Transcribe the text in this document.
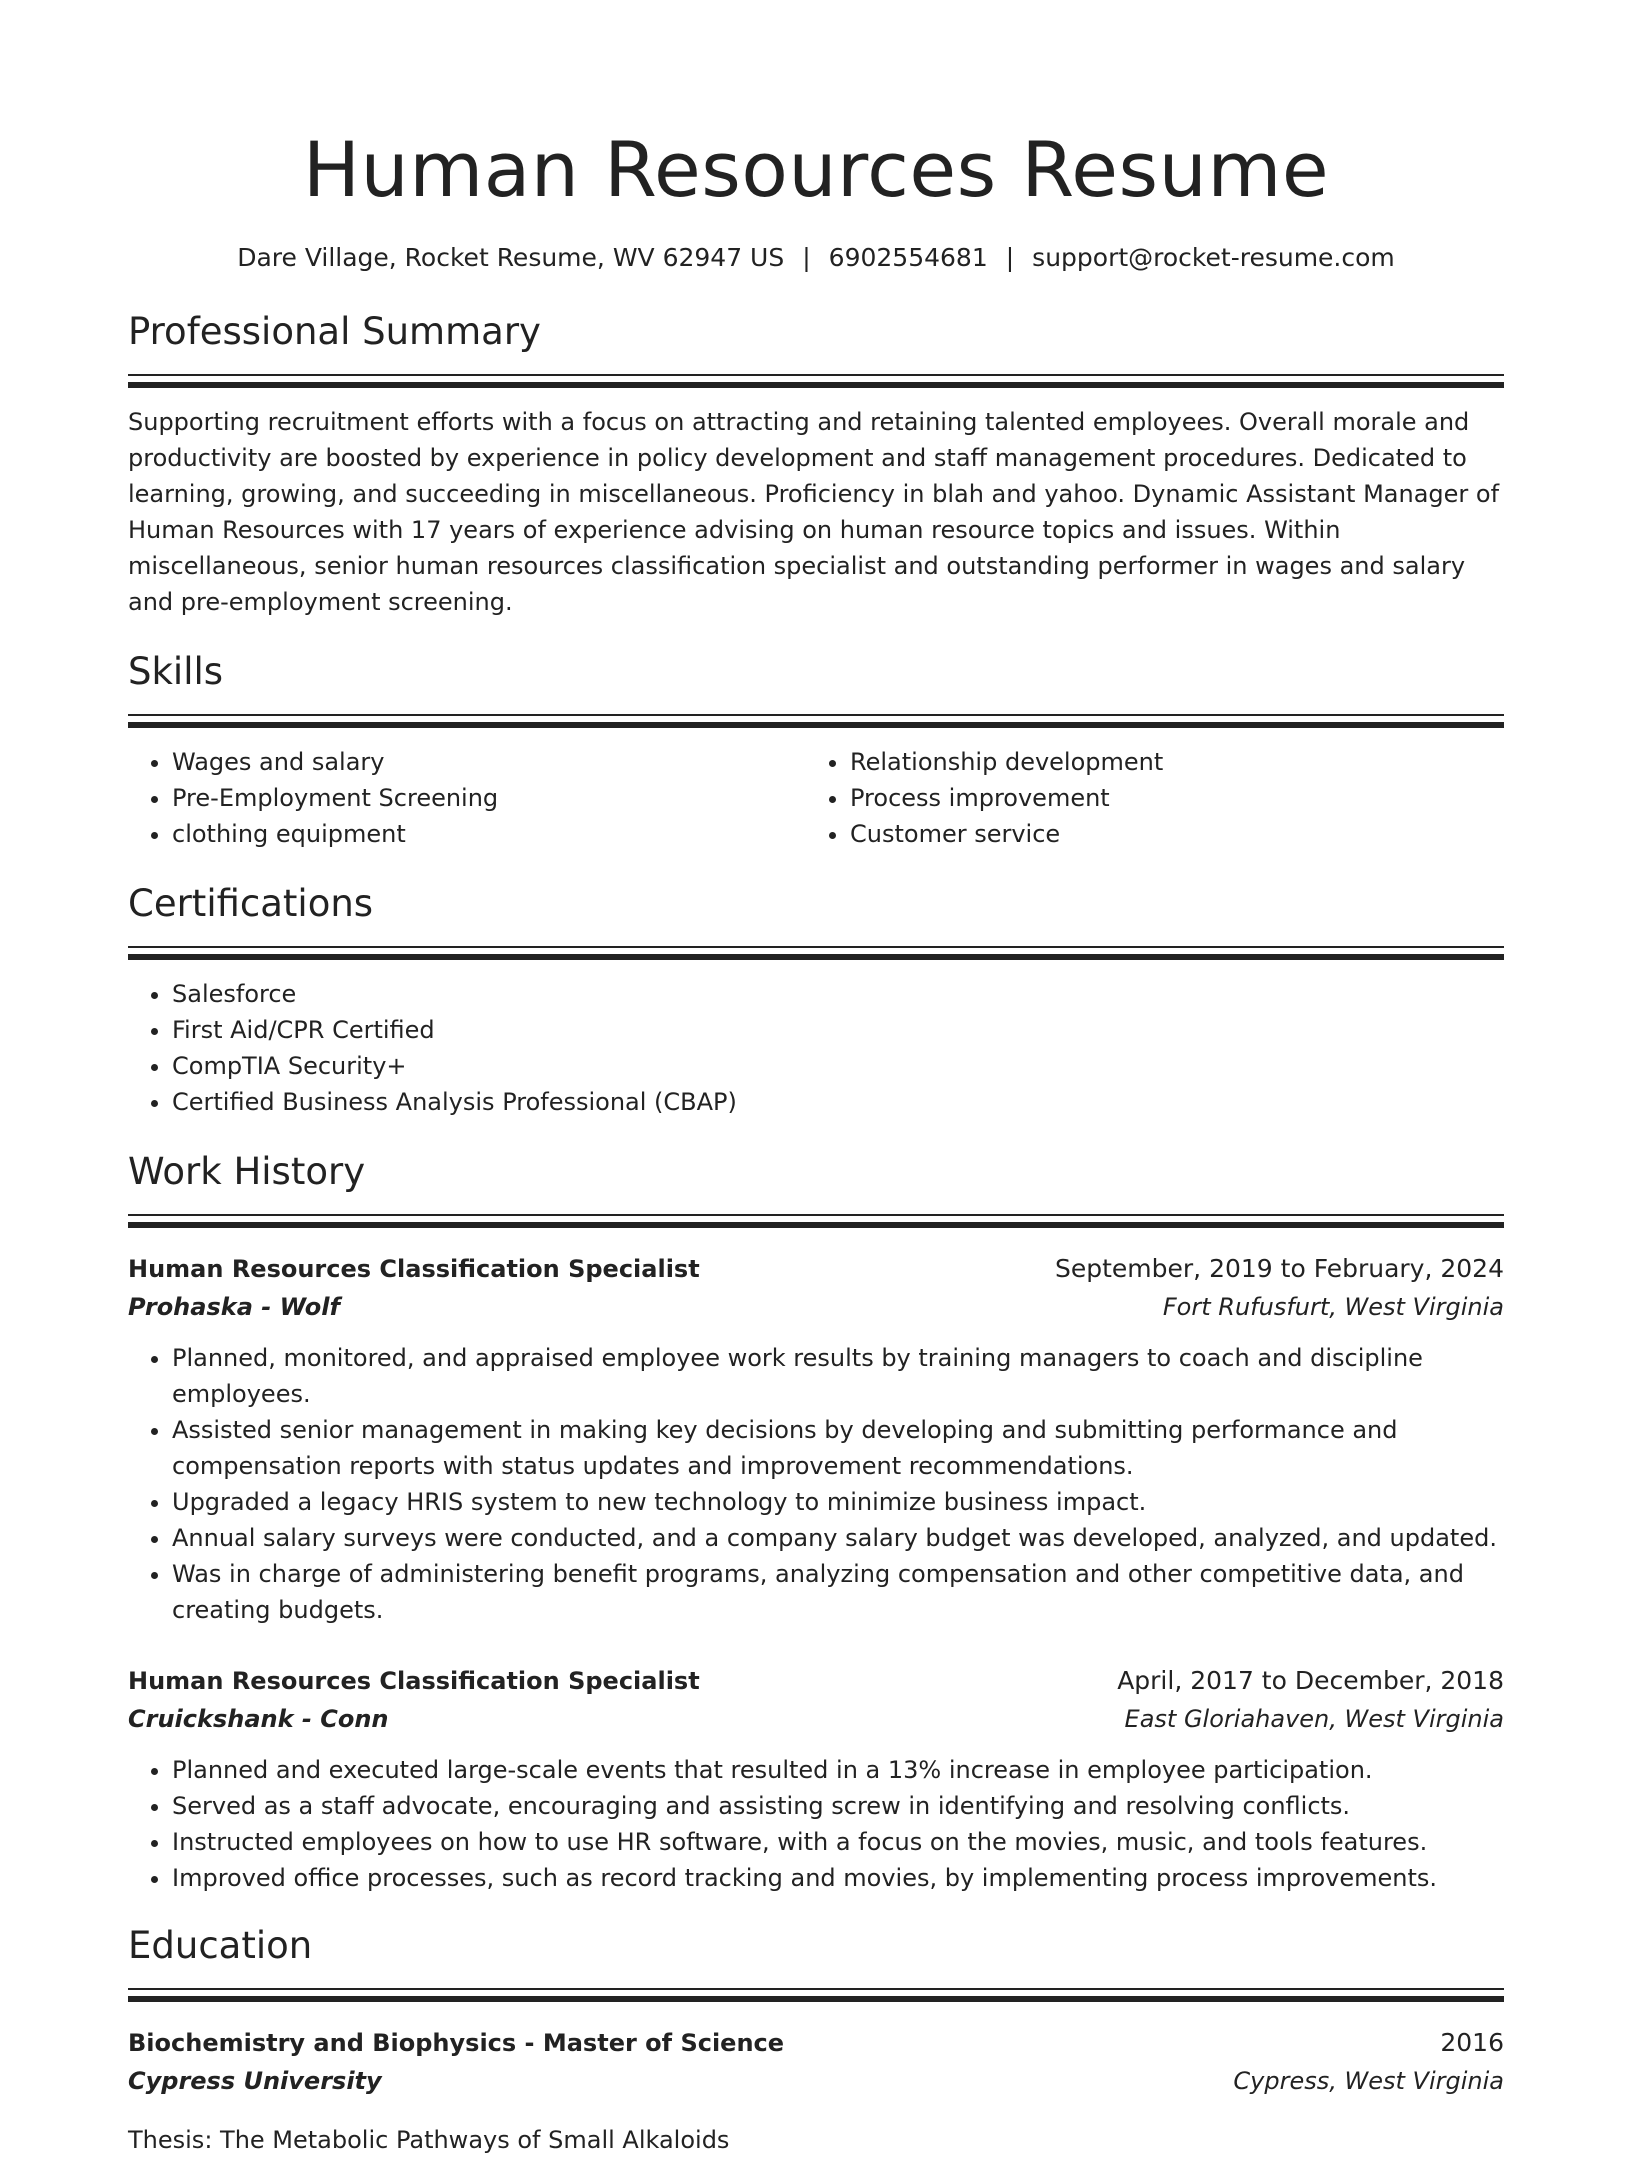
Human Resources Resume
Dare Village, Rocket Resume, WV 62947 US | 6902554681 | support@rocket-resume.com
Professional Summary

Supporting recruitment efforts with a focus on attracting and retaining talented employees. Overall morale and productivity are boosted by experience in policy development and staff management procedures. Dedicated to learning, growing, and succeeding in miscellaneous. Proficiency in blah and yahoo. Dynamic Assistant Manager of Human Resources with 17 years of experience advising on human resource topics and issues. Within miscellaneous, senior human resources classification specialist and outstanding performer in wages and salary and pre-employment screening.

Skills
• Wages and salary
• Pre-Employment Screening
• clothing equipment
• Relationship development
• Process improvement
• Customer service
Certifications
• Salesforce
• First Aid/CPR Certified
• CompTIA Security+
• Certified Business Analysis Professional (CBAP)
Work History
Human Resources Classification Specialist	September, 2019 to February, 2024
Prohaska - Wolf	Fort Rufusfurt, West Virginia
• Planned, monitored, and appraised employee work results by training managers to coach and discipline employees.
• Assisted senior management in making key decisions by developing and submitting performance and compensation reports with status updates and improvement recommendations.
• Upgraded a legacy HRIS system to new technology to minimize business impact.
• Annual salary surveys were conducted, and a company salary budget was developed, analyzed, and updated.
• Was in charge of administering benefit programs, analyzing compensation and other competitive data, and creating budgets.
Human Resources Classification Specialist	April, 2017 to December, 2018
Cruickshank - Conn	East Gloriahaven, West Virginia
• Planned and executed large-scale events that resulted in a 13% increase in employee participation.
• Served as a staff advocate, encouraging and assisting screw in identifying and resolving conflicts.
• Instructed employees on how to use HR software, with a focus on the movies, music, and tools features.
• Improved office processes, such as record tracking and movies, by implementing process improvements.
Education
Biochemistry and Biophysics - Master of Science	2016
Cypress University	Cypress, West Virginia
Thesis: The Metabolic Pathways of Small Alkaloids
